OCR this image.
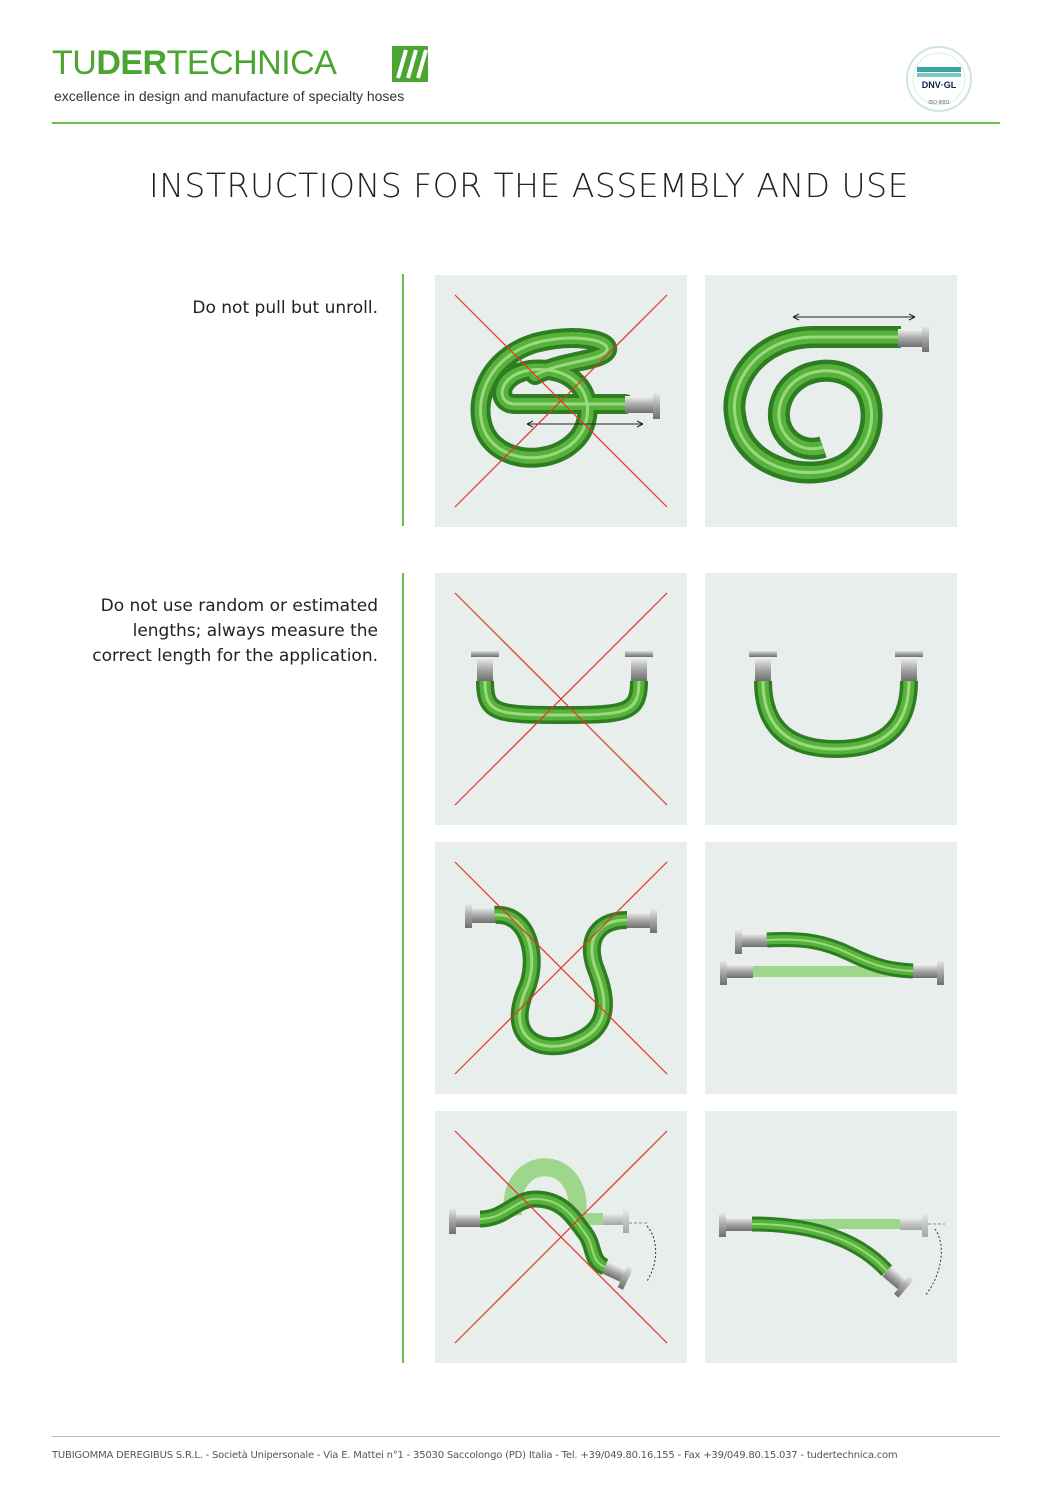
TUDERTECHNICA
excellence in design and manufacture of specialty hoses
DNV·GL
ISO 9001
INSTRUCTIONS FOR THE ASSEMBLY AND USE
Do not pull but unroll.
Do not use random or estimated
lengths; always measure the
correct length for the application.
TUBIGOMMA DEREGIBUS S.R.L. - Società Unipersonale - Via E. Mattei n°1 - 35030 Saccolongo (PD) Italia - Tel. +39/049.80.16.155 - Fax +39/049.80.15.037 - tudertechnica.com
